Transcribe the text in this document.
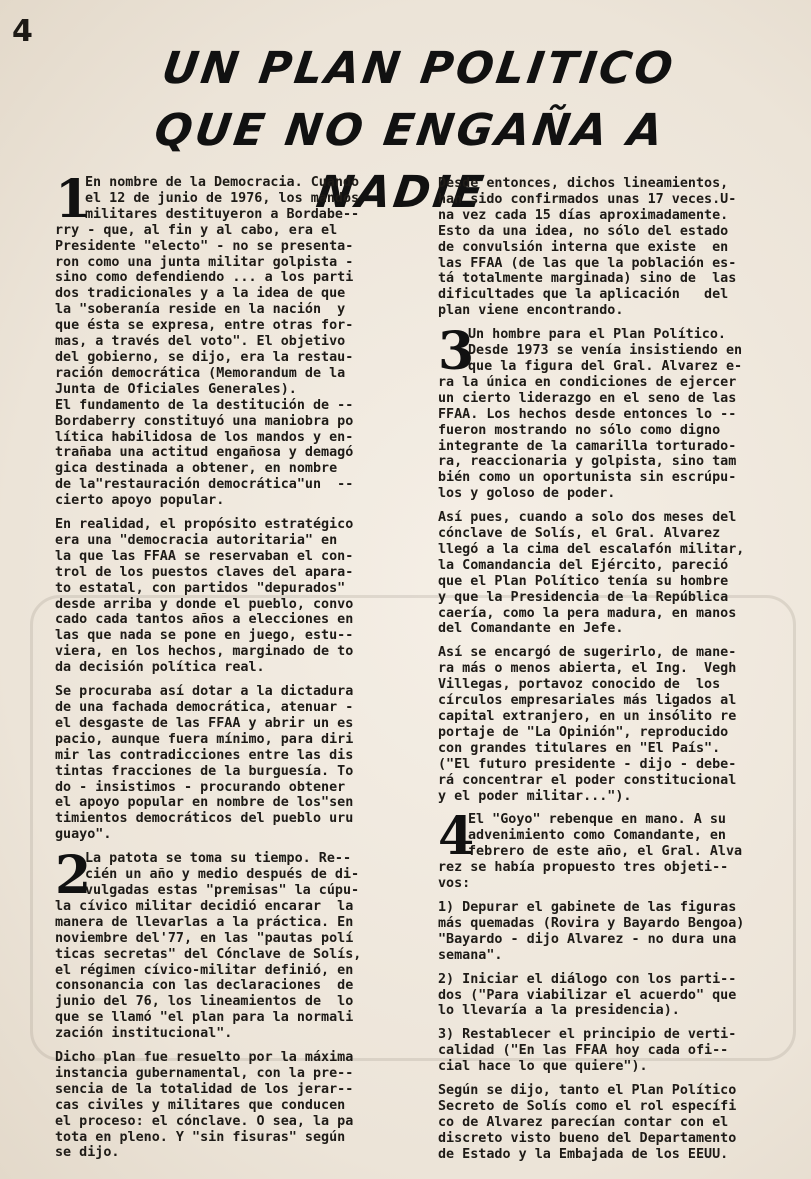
4
UN PLAN POLITICO
QUE NO ENGAÑA A NADIE
1
En nombre de la Democracia. Cuando
el 12 de junio de 1976, los mandos
militares destituyeron a Bordabe--
rry - que, al fin y al cabo, era el
Presidente "electo" - no se presenta-
ron como una junta militar golpista -
sino como defendiendo ... a los parti
dos tradicionales y a la idea de que
la "soberanía reside en la nación  y
que ésta se expresa, entre otras for-
mas, a través del voto". El objetivo
del gobierno, se dijo, era la restau-
ración democrática (Memorandum de la
Junta de Oficiales Generales).
El fundamento de la destitución de --
Bordaberry constituyó una maniobra po
lítica habilidosa de los mandos y en-
trañaba una actitud engañosa y demagó
gica destinada a obtener, en nombre
de la"restauración democrática"un  --
cierto apoyo popular.
En realidad, el propósito estratégico
era una "democracia autoritaria" en
la que las FFAA se reservaban el con-
trol de los puestos claves del apara-
to estatal, con partidos "depurados"
desde arriba y donde el pueblo, convo
cado cada tantos años a elecciones en
las que nada se pone en juego, estu--
viera, en los hechos, marginado de to
da decisión política real.
Se procuraba así dotar a la dictadura
de una fachada democrática, atenuar -
el desgaste de las FFAA y abrir un es
pacio, aunque fuera mínimo, para diri
mir las contradicciones entre las dis
tintas fracciones de la burguesía. To
do - insistimos - procurando obtener
el apoyo popular en nombre de los"sen
timientos democráticos del pueblo uru
guayo".
2
La patota se toma su tiempo. Re--
cién un año y medio después de di-
vulgadas estas "premisas" la cúpu-
la cívico militar decidió encarar  la
manera de llevarlas a la práctica. En
noviembre del'77, en las "pautas polí
ticas secretas" del Cónclave de Solís,
el régimen cívico-militar definió, en
consonancia con las declaraciones  de
junio del 76, los lineamientos de  lo
que se llamó "el plan para la normali
zación institucional".
Dicho plan fue resuelto por la máxima
instancia gubernamental, con la pre--
sencia de la totalidad de los jerar--
cas civiles y militares que conducen
el proceso: el cónclave. O sea, la pa
tota en pleno. Y "sin fisuras" según
se dijo.
Desde entonces, dichos lineamientos,
han sido confirmados unas 17 veces.U-
na vez cada 15 días aproximadamente.
Esto da una idea, no sólo del estado
de convulsión interna que existe  en
las FFAA (de las que la población es-
tá totalmente marginada) sino de  las
dificultades que la aplicación   del
plan viene encontrando.
3
Un hombre para el Plan Político.
Desde 1973 se venía insistiendo en
que la figura del Gral. Alvarez e-
ra la única en condiciones de ejercer
un cierto liderazgo en el seno de las
FFAA. Los hechos desde entonces lo --
fueron mostrando no sólo como digno
integrante de la camarilla torturado-
ra, reaccionaria y golpista, sino tam
bién como un oportunista sin escrúpu-
los y goloso de poder.
Así pues, cuando a solo dos meses del
cónclave de Solís, el Gral. Alvarez
llegó a la cima del escalafón militar,
la Comandancia del Ejército, pareció
que el Plan Político tenía su hombre
y que la Presidencia de la República
caería, como la pera madura, en manos
del Comandante en Jefe.
Así se encargó de sugerirlo, de mane-
ra más o menos abierta, el Ing.  Vegh
Villegas, portavoz conocido de  los
círculos empresariales más ligados al
capital extranjero, en un insólito re
portaje de "La Opinión", reproducido
con grandes titulares en "El País".
("El futuro presidente - dijo - debe-
rá concentrar el poder constitucional
y el poder militar...").
4
El "Goyo" rebenque en mano. A su
advenimiento como Comandante, en
febrero de este año, el Gral. Alva
rez se había propuesto tres objeti--
vos:
1) Depurar el gabinete de las figuras
más quemadas (Rovira y Bayardo Bengoa)
"Bayardo - dijo Alvarez - no dura una
semana".
2) Iniciar el diálogo con los parti--
dos ("Para viabilizar el acuerdo" que
lo llevaría a la presidencia).
3) Restablecer el principio de verti-
calidad ("En las FFAA hoy cada ofi--
cial hace lo que quiere").
Según se dijo, tanto el Plan Político
Secreto de Solís como el rol específi
co de Alvarez parecían contar con el
discreto visto bueno del Departamento
de Estado y la Embajada de los EEUU.
